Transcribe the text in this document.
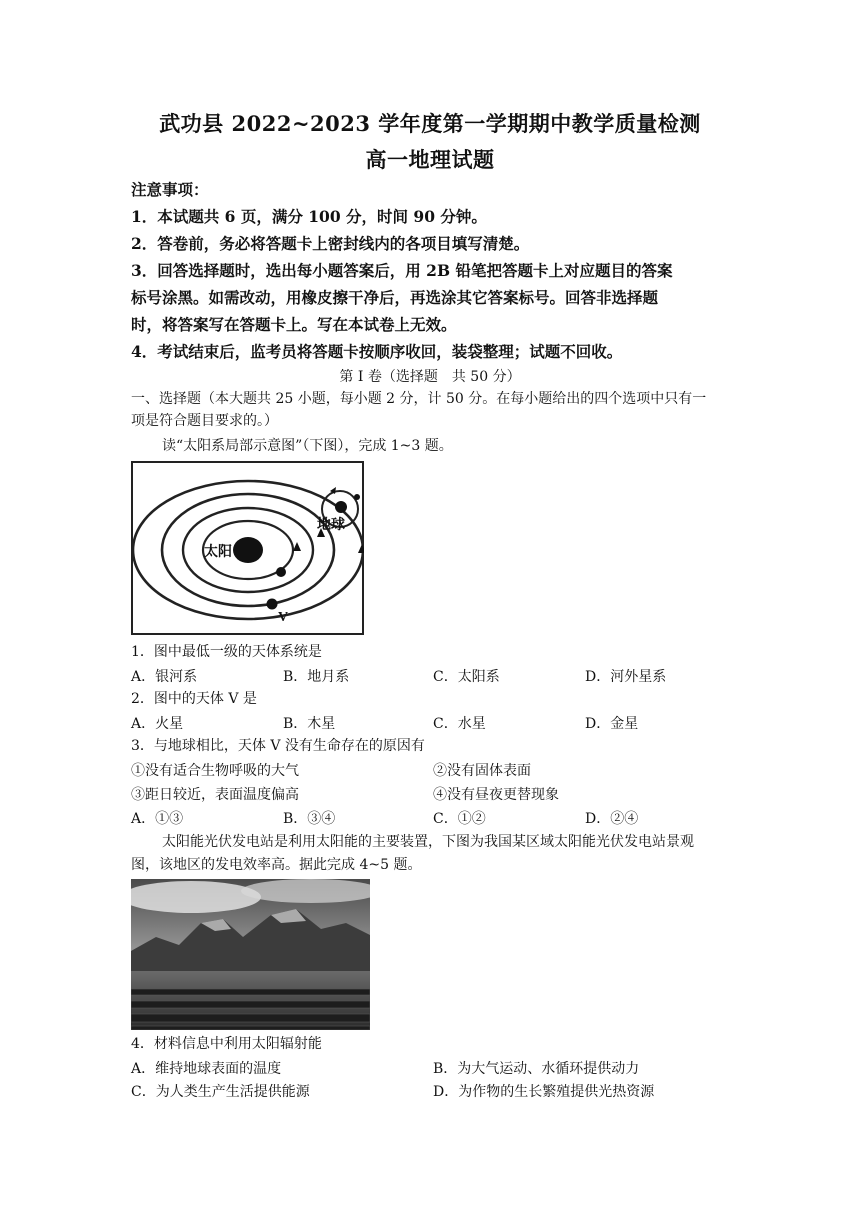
武功县 2022~2023 学年度第一学期期中教学质量检测
高一地理试题
注意事项：
1．本试题共 6 页，满分 100 分，时间 90 分钟。
2．答卷前，务必将答题卡上密封线内的各项目填写清楚。
3．回答选择题时，选出每小题答案后，用 2B 铅笔把答题卡上对应题目的答案
标号涂黑。如需改动，用橡皮擦干净后，再选涂其它答案标号。回答非选择题
时，将答案写在答题卡上。写在本试卷上无效。
4．考试结束后，监考员将答题卡按顺序收回，装袋整理；试题不回收。
第 I 卷（选择题　共 50 分）
一、选择题（本大题共 25 小题，每小题 2 分，计 50 分。在每小题给出的四个选项中只有一
项是符合题目要求的。）
读“太阳系局部示意图”（下图），完成 1~3 题。
太阳
地球
V
1．图中最低一级的天体系统是
A．银河系	B．地月系	C．太阳系	D．河外星系
2．图中的天体 V 是
A．火星	B．木星	C．水星	D．金星
3．与地球相比，天体 V 没有生命存在的原因有
①没有适合生物呼吸的大气	②没有固体表面
③距日较近，表面温度偏高	④没有昼夜更替现象
A．①③	B．③④	C．①②	D．②④
太阳能光伏发电站是利用太阳能的主要装置，下图为我国某区域太阳能光伏发电站景观
图，该地区的发电效率高。据此完成 4~5 题。
4．材料信息中利用太阳辐射能
A．维持地球表面的温度	B．为大气运动、水循环提供动力
C．为人类生产生活提供能源	D．为作物的生长繁殖提供光热资源
